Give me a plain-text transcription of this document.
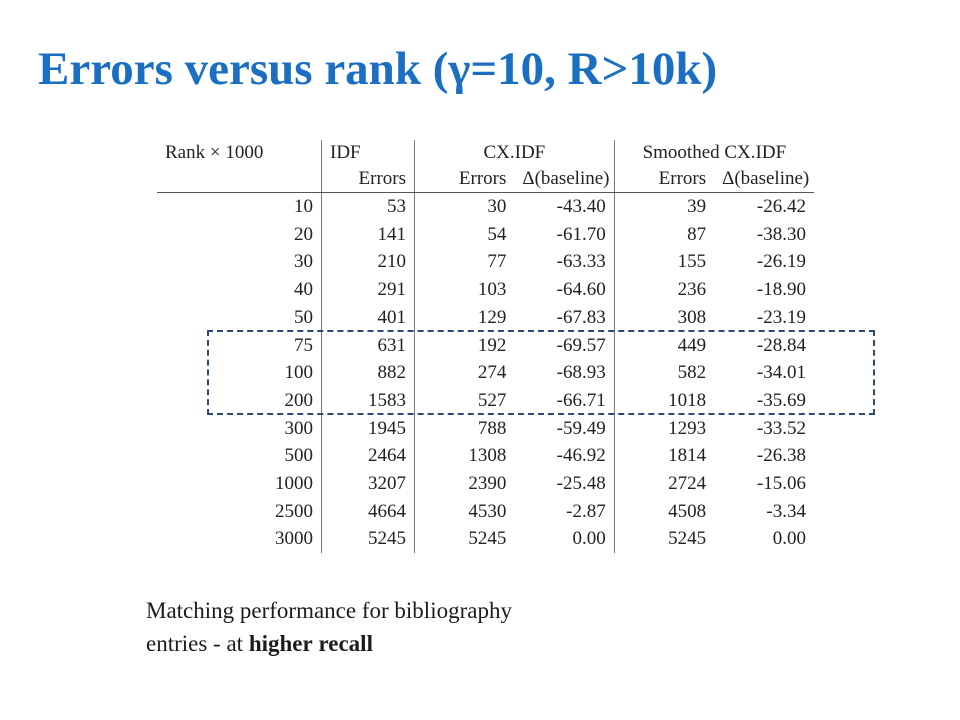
Errors versus rank (γ=10, R>10k)
Rank × 1000	IDF	CX.IDF		Smoothed CX.IDF	
	Errors	Errors	Δ(baseline)	Errors	Δ(baseline)
10	53	30	-43.40	39	-26.42
20	141	54	-61.70	87	-38.30
30	210	77	-63.33	155	-26.19
40	291	103	-64.60	236	-18.90
50	401	129	-67.83	308	-23.19
75	631	192	-69.57	449	-28.84
100	882	274	-68.93	582	-34.01
200	1583	527	-66.71	1018	-35.69
300	1945	788	-59.49	1293	-33.52
500	2464	1308	-46.92	1814	-26.38
1000	3207	2390	-25.48	2724	-15.06
2500	4664	4530	-2.87	4508	-3.34
3000	5245	5245	0.00	5245	0.00

Matching performance for bibliography entries - at higher recall
